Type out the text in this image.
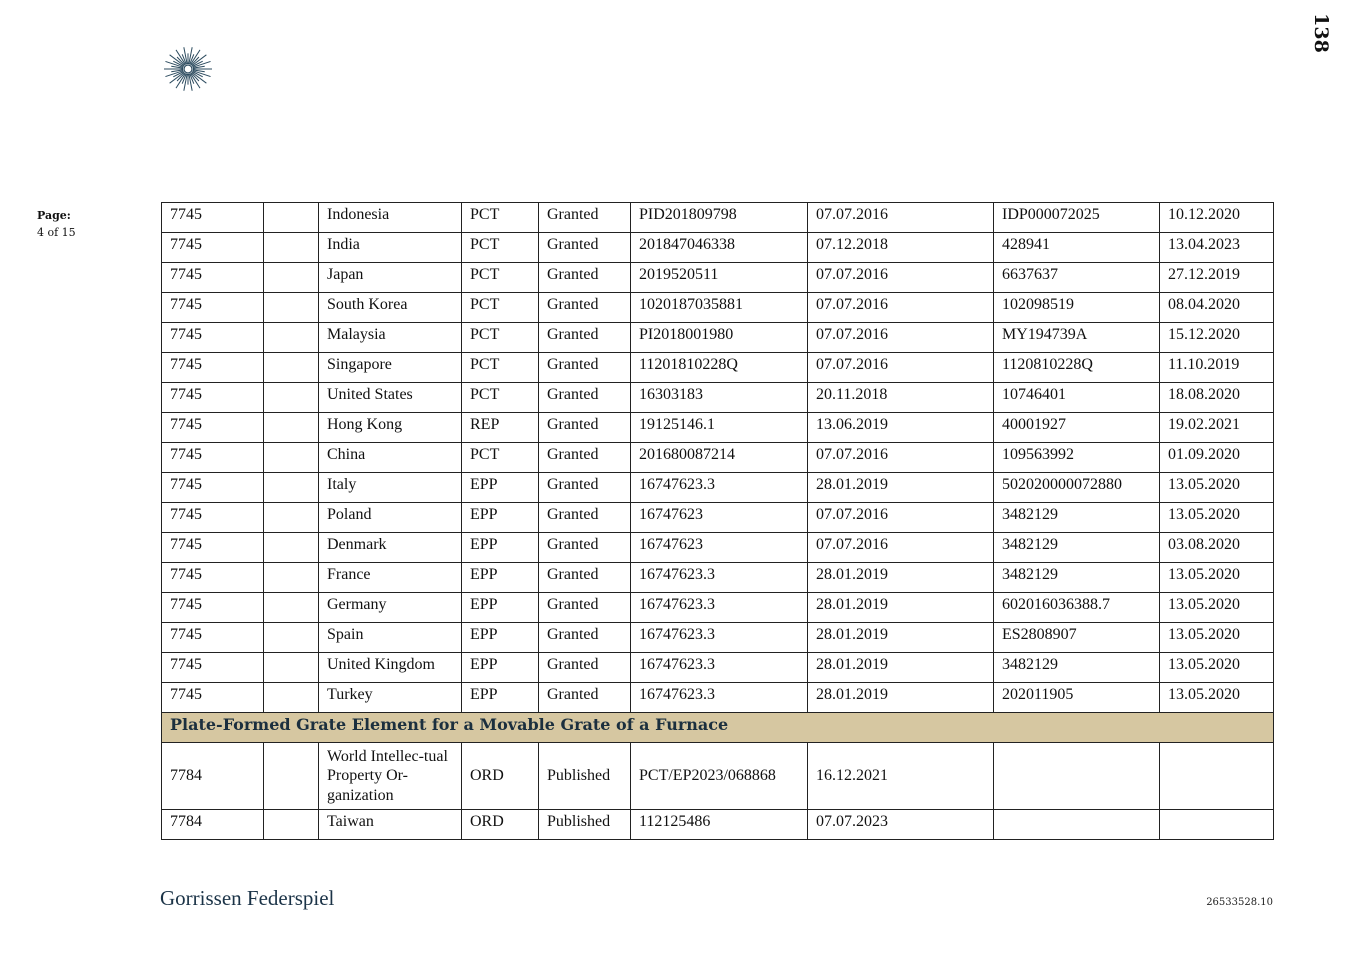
138
Page:
4 of 15
7745		Indonesia	PCT	Granted	PID201809798	07.07.2016	IDP000072025	10.12.2020
7745		India	PCT	Granted	201847046338	07.12.2018	428941	13.04.2023
7745		Japan	PCT	Granted	2019520511	07.07.2016	6637637	27.12.2019
7745		South Korea	PCT	Granted	1020187035881	07.07.2016	102098519	08.04.2020
7745		Malaysia	PCT	Granted	PI2018001980	07.07.2016	MY194739A	15.12.2020
7745		Singapore	PCT	Granted	11201810228Q	07.07.2016	1120810228Q	11.10.2019
7745		United States	PCT	Granted	16303183	20.11.2018	10746401	18.08.2020
7745		Hong Kong	REP	Granted	19125146.1	13.06.2019	40001927	19.02.2021
7745		China	PCT	Granted	201680087214	07.07.2016	109563992	01.09.2020
7745		Italy	EPP	Granted	16747623.3	28.01.2019	502020000072880	13.05.2020
7745		Poland	EPP	Granted	16747623	07.07.2016	3482129	13.05.2020
7745		Denmark	EPP	Granted	16747623	07.07.2016	3482129	03.08.2020
7745		France	EPP	Granted	16747623.3	28.01.2019	3482129	13.05.2020
7745		Germany	EPP	Granted	16747623.3	28.01.2019	602016036388.7	13.05.2020
7745		Spain	EPP	Granted	16747623.3	28.01.2019	ES2808907	13.05.2020
7745		United Kingdom	EPP	Granted	16747623.3	28.01.2019	3482129	13.05.2020
7745		Turkey	EPP	Granted	16747623.3	28.01.2019	202011905	13.05.2020
Plate-Formed Grate Element for a Movable Grate of a Furnace								
7784		World Intellec-tual Property Or-ganization	ORD	Published	PCT/EP2023/068868	16.12.2021		
7784		Taiwan	ORD	Published	112125486	07.07.2023		
Gorrissen Federspiel	26533528.10
